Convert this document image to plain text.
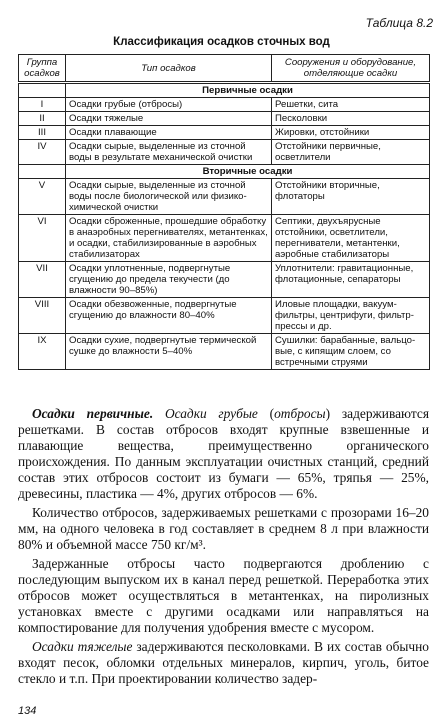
Таблица 8.2
Классификация осадков сточных вод
Группа осадков	Тип осадков	Сооружения и оборудование, отделяющие осадки
	Первичные осадки	
I	Осадки грубые (отбросы)	Решетки, сита
II	Осадки тяжелые	Песколовки
III	Осадки плавающие	Жировки, отстойники
IV	Осадки сырые, выделенные из сточной воды в результате механической очистки	Отстойники первичные, осветлители
	Вторичные осадки	
V	Осадки сырые, выделенные из сточной воды после биологической или физико-химической очистки	Отстойники вторичные, флотаторы
VI	Осадки сброженные, прошедшие обработку в анаэробных перегнивателях, метантенках, и осадки, стабилизированные в аэробных стабилизаторах	Септики, двухъярусные отстойники, осветлители, перегниватели, метантенки, аэробные стабилизаторы
VII	Осадки уплотненные, подвергнутые сгущению до предела текучести (до влажности 90–85%)	Уплотнители: гравитационные, флотационные, сепараторы
VIII	Осадки обезвоженные, подвергнутые сгущению до влажности 80–40%	Иловые площадки, вакуум-фильтры, центрифуги, фильтр-прессы и др.
IX	Осадки сухие, подвергнутые термической сушке до влажности 5–40%	Сушилки: барабанные, вальцо-вые, с кипящим слоем, со встречными струями

Осадки первичные. Осадки грубые (отбросы) задерживаются решетками. В состав отбросов входят крупные взвешенные и плавающие вещества, преимущественно органического происхождения. По данным эксплуатации очистных станций, средний состав этих отбросов состоит из бумаги — 65%, тряпья — 25%, древесины, пластика — 4%, других отбросов — 6%.

Количество отбросов, задерживаемых решетками с прозорами 16–20 мм, на одного человека в год составляет в среднем 8 л при влажности 80% и объемной массе 750 кг/м³.

Задержанные отбросы часто подвергаются дроблению с последующим выпуском их в канал перед решеткой. Переработка этих отбросов может осуществляться в метантенках, на пиролизных установках вместе с другими осадками или направляться на компостирование для получения удобрения вместе с мусором.

Осадки тяжелые задерживаются песколовками. В их состав обычно входят песок, обломки отдельных минералов, кирпич, уголь, битое стекло и т.п. При проектировании количество задер-

134
